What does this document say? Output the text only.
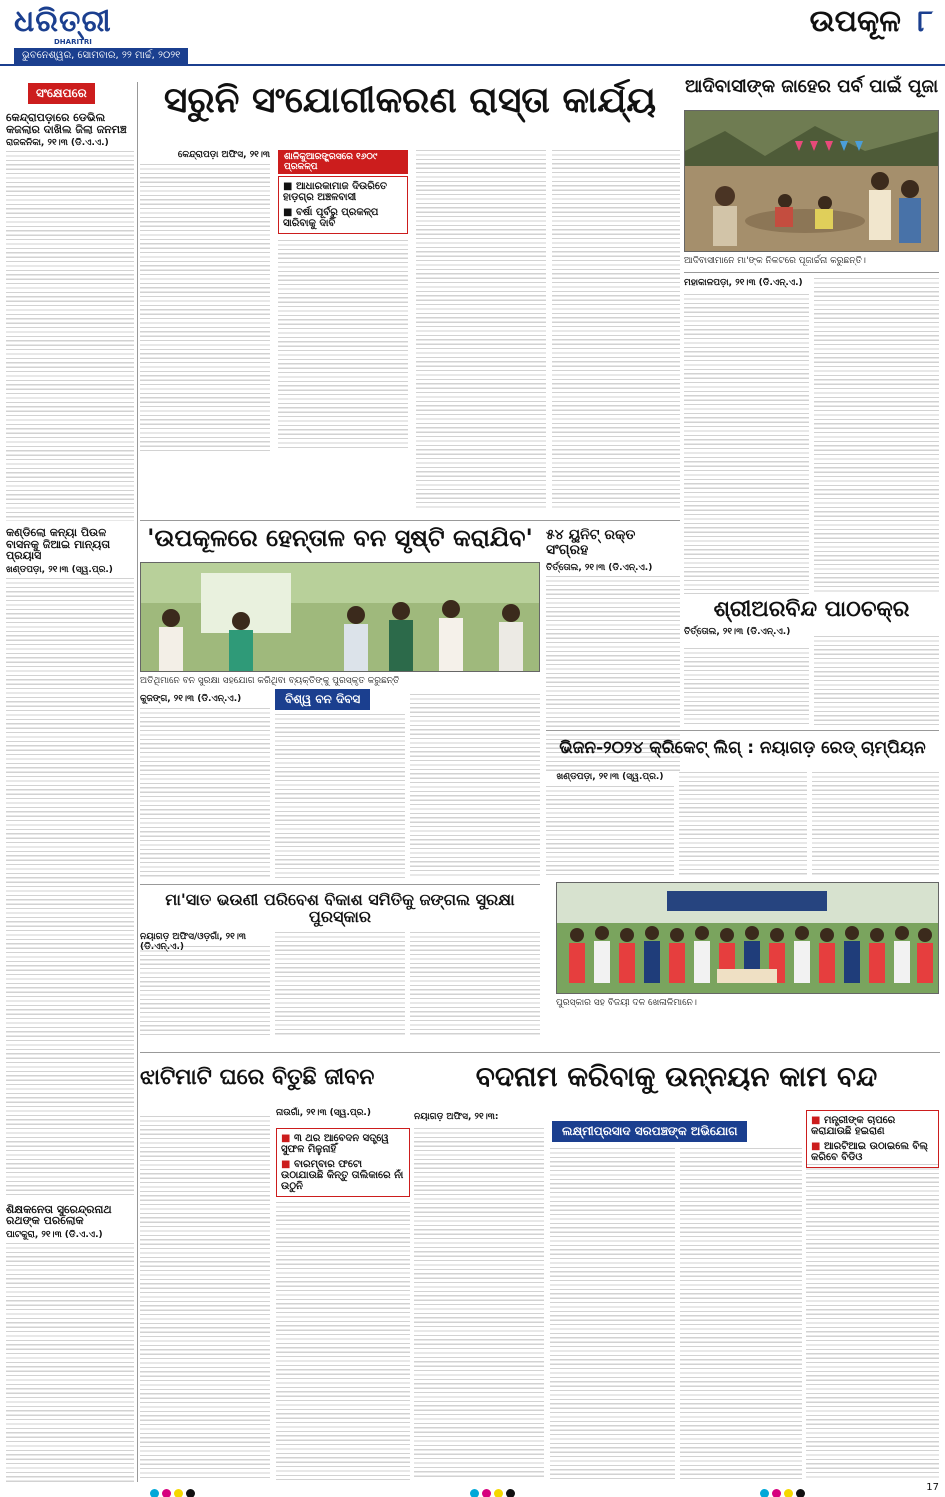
ଧରିତ୍ରୀ
DHARITRI
ଉପକୂଳ ୮
ଭୁବନେଶ୍ୱର, ସୋମବାର, ୨୨ ମାର୍ଚ୍ଚ, ୨୦୨୧
ସଂକ୍ଷେପରେ
କେନ୍ଦ୍ରାପଡ଼ାରେ ଡେଭିଲ କଜଲାର ଦାଖିଲ ଜିଲା ଜନମଞ୍ଚ
ରାଜକନିକା, ୨୧।୩ (ଡି.ଏ.ଏ.)
କଣ୍ଡିଲୋ କନ୍ୟା ପିଉଳ ବାସନକୁ ଜିଆଇ ମାନ୍ୟତା ପ୍ରୟାସ
ଖଣ୍ଡପଡ଼ା, ୨୧।୩ (ସ୍ୱ.ପ୍ର.)
ଶିକ୍ଷକନେତା ସୁରେନ୍ଦ୍ରନାଥ ରଥଙ୍କ ପରଲୋକ
ପାଟକୁରା, ୨୧।୩ (ଡି.ଏ.ଏ.)
ସରୁନି ସଂଯୋଗୀକରଣ ରାସ୍ତା କାର୍ଯ୍ୟ
କେନ୍ଦ୍ରାପଡ଼ା ଅଫିସ, ୨୧।୩	ଶାଳିକୁଆରଙ୍ଗ୍ରସରେ ୧୬୦୯ ପ୍ରକଳ୍ପ
■ ଆଧାରକାମାଜ ଦିଉରିତେ ହାଡ଼ଗ୍ର ଅଞ୍ଚଳବାସୀ
■ ବର୍ଷା ପୂର୍ବରୁ ପ୍ରକଳ୍ପ ସାରିବାକୁ ଦାବି
ଆଦିବାସୀଙ୍କ ଜାହେର ପର୍ବ ପାଇଁ ପୂଜା
ଆଦିବାସୀମାନେ ମା'ଙ୍କ ନିକଟରେ ପୂଜାର୍ଚ୍ଚନା କରୁଛନ୍ତି।
ମହାକାଳପଡ଼ା, ୨୧।୩ (ଡି.ଏନ୍.ଏ.)
'ଉପକୂଳରେ ହେନ୍ତାଳ ବନ ସୃଷ୍ଟି କରାଯିବ'
ଅତିଥିମାନେ ବନ ସୁରକ୍ଷା ସହଯୋଗ କରିଥିବା ବ୍ୟକ୍ତିଙ୍କୁ ପୁରସ୍କୃତ କରୁଛନ୍ତି
କୁଜଙ୍ଗ, ୨୧।୩ (ଡି.ଏନ୍.ଏ.)	ବିଶ୍ୱ ବନ ଦିବସ
୫୪ ୟୁନିଟ୍ ରକ୍ତ ସଂଗ୍ରହ
ତିର୍ତ୍ତୋଲ, ୨୧।୩ (ଡି.ଏନ୍.ଏ.)
ଶ୍ରୀଅରବିନ୍ଦ ପାଠଚକ୍ର
ତିର୍ତ୍ତୋଲ, ୨୧।୩ (ଡି.ଏନ୍.ଏ.)
ଭିଜନ-୨୦୨୪ କ୍ରିକେଟ୍ ଲିଗ୍ : ନୟାଗଡ଼ ରେଡ୍ ଚାମ୍ପିୟନ
ଖଣ୍ଡପଡ଼ା, ୨୧।୩ (ସ୍ୱ.ପ୍ର.)
ପୁରସ୍କାର ସହ ବିଜୟୀ ଦଳ ଖେଳାଳିମାନେ।
ମା'ସାତ ଭଉଣୀ ପରିବେଶ ବିକାଶ ସମିତିକୁ ଜଙ୍ଗଲ ସୁରକ୍ଷା ପୁରସ୍କାର
ନୟାଗଡ଼ ଅଫିସ/ଓଡ଼ଗାଁ, ୨୧।୩ (ଡି.ଏନ୍.ଏ.)
ଝାଟିମାଟି ଘରେ ବିତୁଛି ଜୀବନ
ନାଉଗାଁ, ୨୧।୩ (ସ୍ୱ.ପ୍ର.)
■ ୩ ଥର ଆବେଦନ ସତ୍ତ୍ୱେ ସୁଫଳ ମିଳୁନାହିଁ
■ ବାରମ୍ବାର ଫଟୋ ଉଠାଯାଉଛି କିନ୍ତୁ ତାଲିକାରେ ନାଁ ଉଠୁନି
ବଦନାମ କରିବାକୁ ଉନ୍ନୟନ କାମ ବନ୍ଦ
ନୟାଗଡ଼ ଅଫିସ, ୨୧।୩:
ଲକ୍ଷ୍ମୀପ୍ରସାଦ ସରପଞ୍ଚଙ୍କ ଅଭିଯୋଗ
■ ମନ୍ତ୍ରୀଙ୍କ ଚାପରେ କରାଯାଉଛି ହଇରାଣ
■ ଆରଟିଆଇ ଉଠାଇଲେ ବିଲ୍ କରିବେ ବିଡିଓ
17
